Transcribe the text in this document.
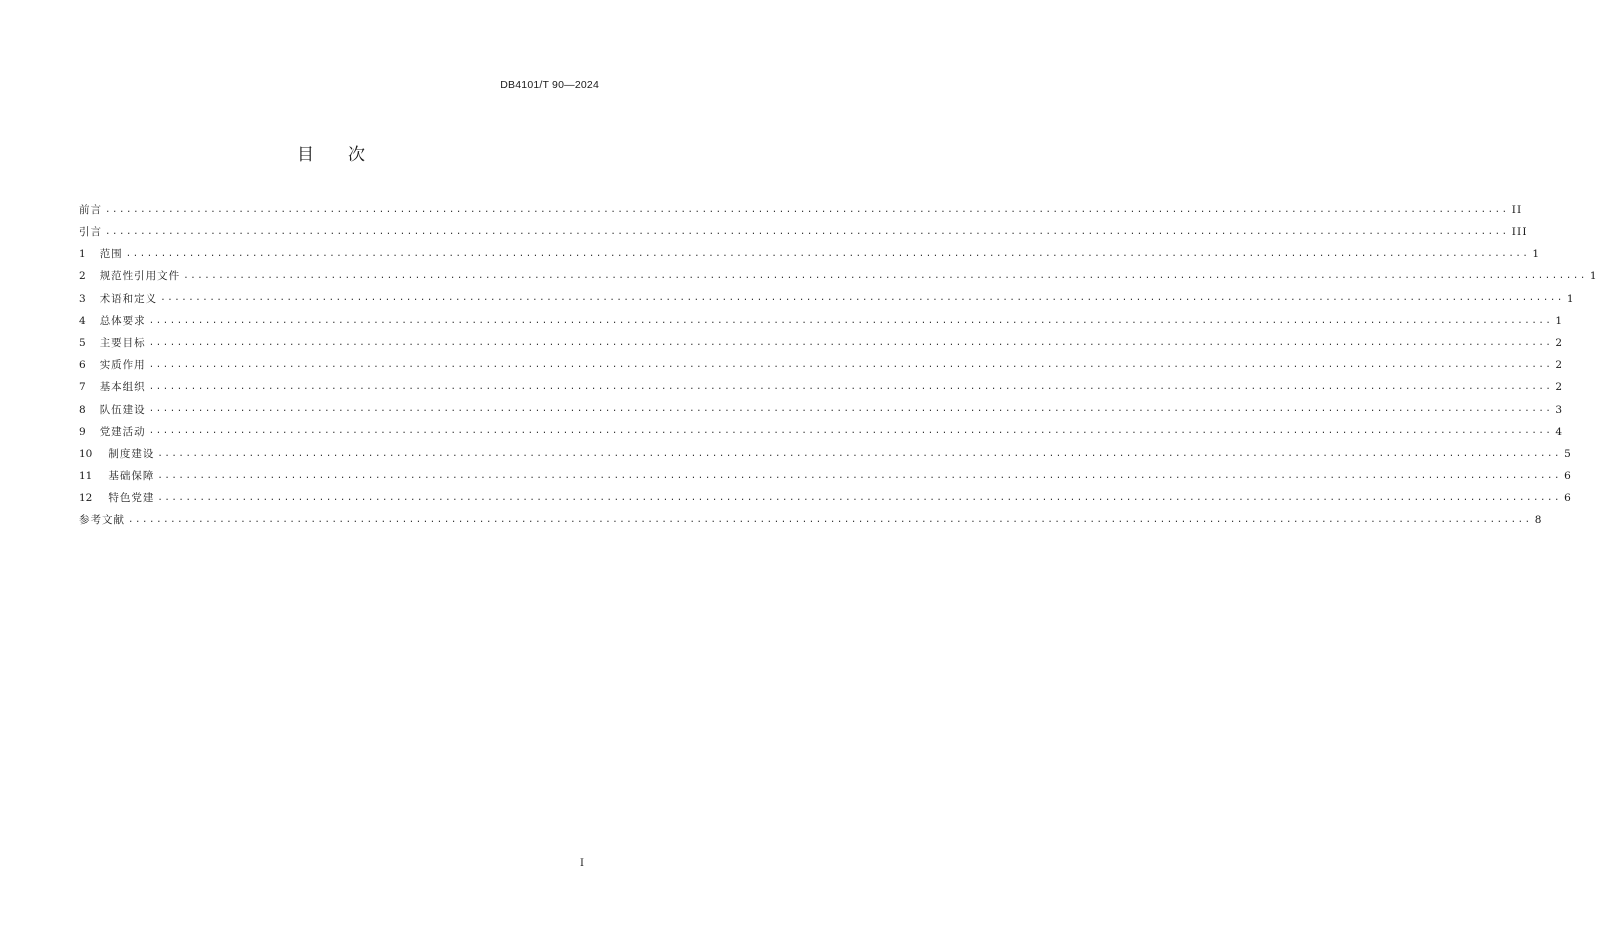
DB4101/T 90—2024
目次
前言 ........................................................................................................................................................................................................ II
引言 ........................................................................................................................................................................................................ III
1 范围 ........................................................................................................................................................................................................ 1
2 规范性引用文件 ........................................................................................................................................................................................................ 1
3 术语和定义 ........................................................................................................................................................................................................ 1
4 总体要求 ........................................................................................................................................................................................................ 1
5 主要目标 ........................................................................................................................................................................................................ 2
6 实质作用 ........................................................................................................................................................................................................ 2
7 基本组织 ........................................................................................................................................................................................................ 2
8 队伍建设 ........................................................................................................................................................................................................ 3
9 党建活动 ........................................................................................................................................................................................................ 4
10 制度建设 ........................................................................................................................................................................................................ 5
11 基础保障 ........................................................................................................................................................................................................ 6
12 特色党建 ........................................................................................................................................................................................................ 6
参考文献 ........................................................................................................................................................................................................ 8
I
